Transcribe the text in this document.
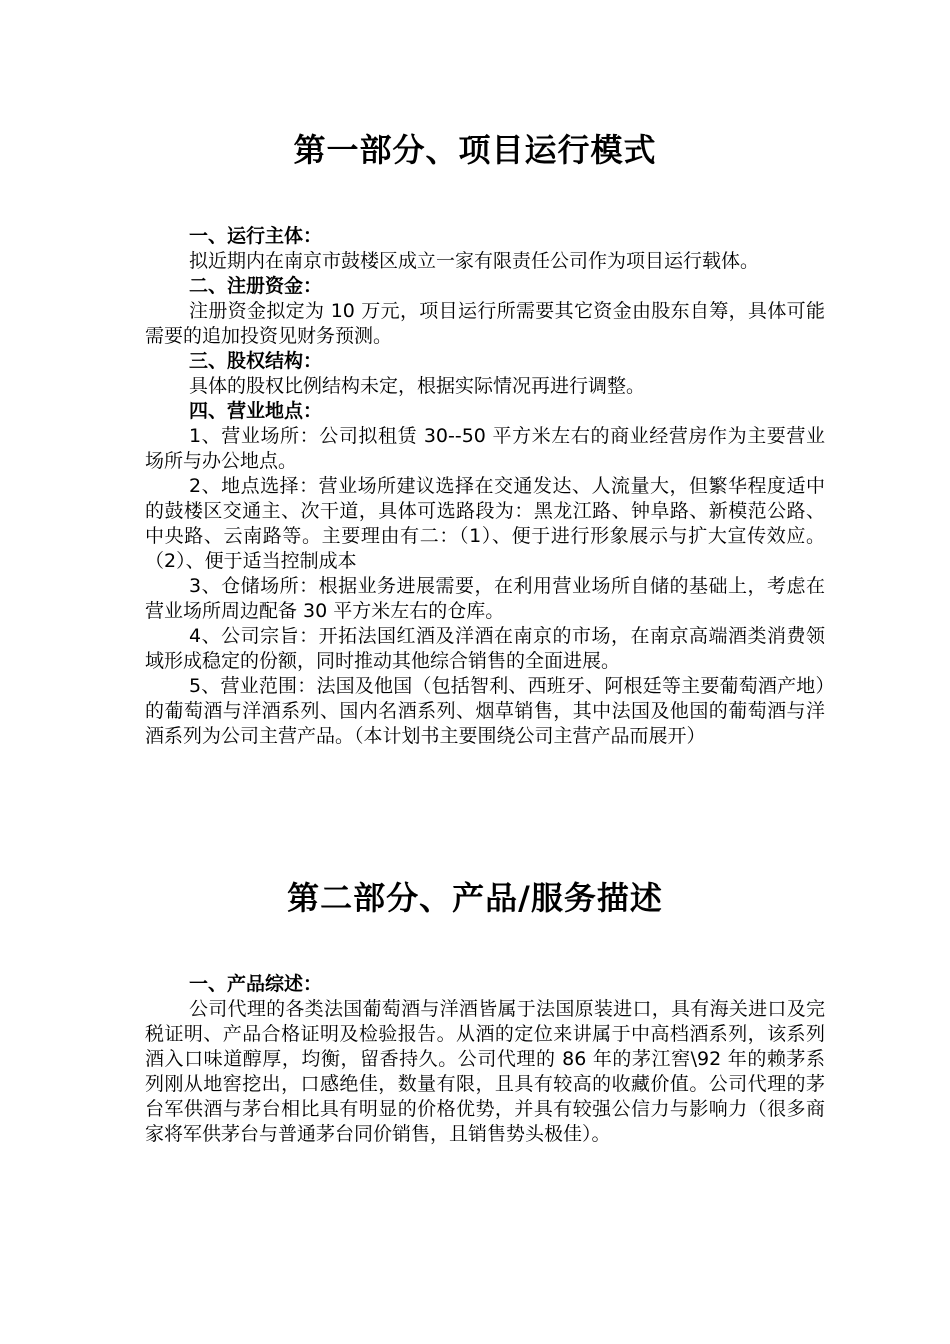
第一部分、项目运行模式

一、运行主体：

拟近期内在南京市鼓楼区成立一家有限责任公司作为项目运行载体。

二、注册资金：

注册资金拟定为 10 万元，项目运行所需要其它资金由股东自筹，具体可能需要的追加投资见财务预测。

三、股权结构：

具体的股权比例结构未定，根据实际情况再进行调整。

四、营业地点：

1、营业场所：公司拟租赁 30--50 平方米左右的商业经营房作为主要营业场所与办公地点。

2、地点选择：营业场所建议选择在交通发达、人流量大，但繁华程度适中的鼓楼区交通主、次干道，具体可选路段为：黑龙江路、钟阜路、新模范公路、中央路、云南路等。主要理由有二：（1）、便于进行形象展示与扩大宣传效应。（2）、便于适当控制成本

3、仓储场所：根据业务进展需要，在利用营业场所自储的基础上，考虑在营业场所周边配备 30 平方米左右的仓库。

4、公司宗旨：开拓法国红酒及洋酒在南京的市场，在南京高端酒类消费领域形成稳定的份额，同时推动其他综合销售的全面进展。

5、营业范围：法国及他国（包括智利、西班牙、阿根廷等主要葡萄酒产地）的葡萄酒与洋酒系列、国内名酒系列、烟草销售，其中法国及他国的葡萄酒与洋酒系列为公司主营产品。（本计划书主要围绕公司主营产品而展开）

第二部分、产品/服务描述

一、产品综述：

公司代理的各类法国葡萄酒与洋酒皆属于法国原装进口，具有海关进口及完税证明、产品合格证明及检验报告。从酒的定位来讲属于中高档酒系列，该系列酒入口味道醇厚，均衡，留香持久。公司代理的 86 年的茅江窖\92 年的赖茅系列刚从地窖挖出，口感绝佳，数量有限，且具有较高的收藏价值。公司代理的茅台军供酒与茅台相比具有明显的价格优势，并具有较强公信力与影响力（很多商家将军供茅台与普通茅台同价销售，且销售势头极佳）。
